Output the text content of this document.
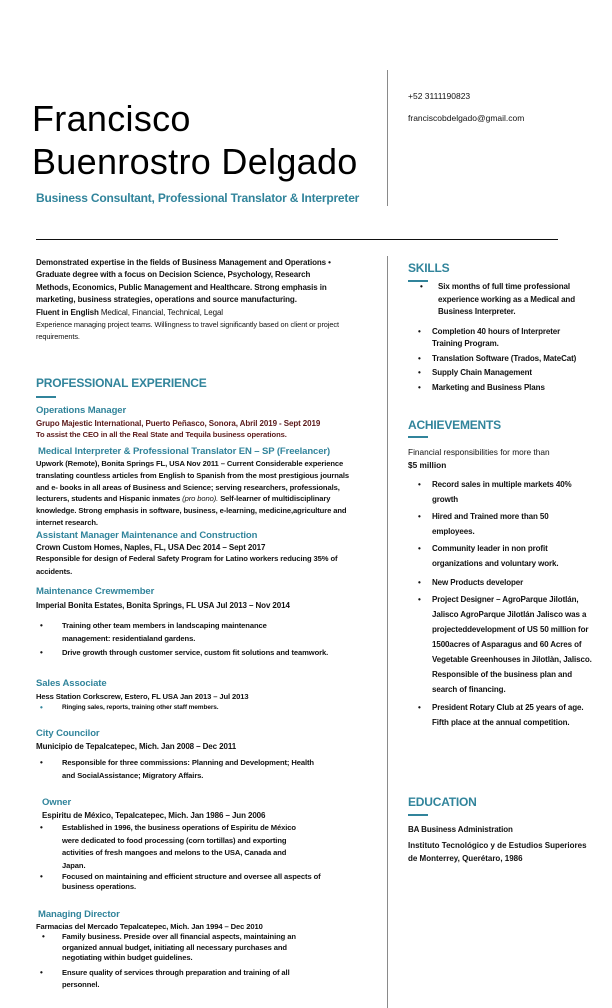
Francisco
Buenrostro Delgado
Business Consultant, Professional Translator & Interpreter
+52 3111190823
franciscobdelgado@gmail.com
Demonstrated expertise in the fields of Business Management and Operations • Graduate degree with a focus on Decision Science, Psychology, Research Methods, Economics, Public Management and Healthcare. Strong emphasis in marketing, business strategies, operations and source manufacturing.
Fluent in English Medical, Financial, Technical, Legal
Experience managing project teams. Willingness to travel significantly based on client or project requirements.
PROFESSIONAL EXPERIENCE
Operations Manager
Grupo Majestic International, Puerto Peñasco, Sonora, Abril 2019 - Sept 2019
To assist the CEO in all the Real State and Tequila business operations.
Medical Interpreter & Professional Translator EN – SP (Freelancer)
Upwork (Remote), Bonita Springs FL, USA Nov 2011 – Current Considerable experience translating countless articles from English to Spanish from the most prestigious journals and e- books in all areas of Business and Science; serving researchers, professionals, lecturers, students and Hispanic inmates (pro bono). Self-learner of multidisciplinary knowledge. Strong emphasis in software, business, e-learning, medicine,agriculture and internet research.
Assistant Manager Maintenance and Construction
Crown Custom Homes, Naples, FL, USA Dec 2014 – Sept 2017
Responsible for design of Federal Safety Program for Latino workers reducing 35% of accidents.
Maintenance Crewmember
Imperial Bonita Estates, Bonita Springs, FL USA Jul 2013 – Nov 2014
•	Training other team members in landscaping maintenance management: residentialand gardens.
•	Drive growth through customer service, custom fit solutions and teamwork.
Sales Associate
Hess Station Corkscrew, Estero, FL USA Jan 2013 – Jul 2013
•	Ringing sales, reports, training other staff members.
City Councilor
Municipio de Tepalcatepec, Mich. Jan 2008 – Dec 2011
•	Responsible for three commissions: Planning and Development; Health and SocialAssistance; Migratory Affairs.
Owner
Espiritu de México, Tepalcatepec, Mich. Jan 1986 – Jun 2006
•	Established in 1996, the business operations of Espiritu de México were dedicated to food processing (corn tortillas) and exporting activities of fresh mangoes and melons to the USA, Canada and Japan.
•	Focused on maintaining and efficient structure and oversee all aspects of business operations.
Managing Director
Farmacias del Mercado Tepalcatepec, Mich. Jan 1994 – Dec 2010
• Family business. Preside over all financial aspects, maintaining an organized annual budget, initiating all necessary purchases and negotiating within budget guidelines.
•	Ensure quality of services through preparation and training of all personnel.
SKILLS
• Six months of full time professional experience working as a Medical and Business Interpreter.
• Completion 40 hours of Interpreter Training Program.
• Translation Software (Trados, MateCat)
• Supply Chain Management
• Marketing and Business Plans
ACHIEVEMENTS
Financial responsibilities for more than
$5 million
• Record sales in multiple markets 40% growth
• Hired and Trained more than 50 employees.
• Community leader in non profit organizations and voluntary work.
• New Products developer
• Project Designer – AgroParque Jilotlán, Jalisco AgroParque Jilotlán Jalisco was a projecteddevelopment of US 50 million for 1500acres of Asparagus and 60 Acres of Vegetable Greenhouses in Jilotlàn, Jalisco. Responsible of the business plan and search of financing.
• President Rotary Club at 25 years of age. Fifth place at the annual competition.
EDUCATION
BA Business Administration
Instituto Tecnológico y de Estudios Superiores de Monterrey, Querétaro, 1986
